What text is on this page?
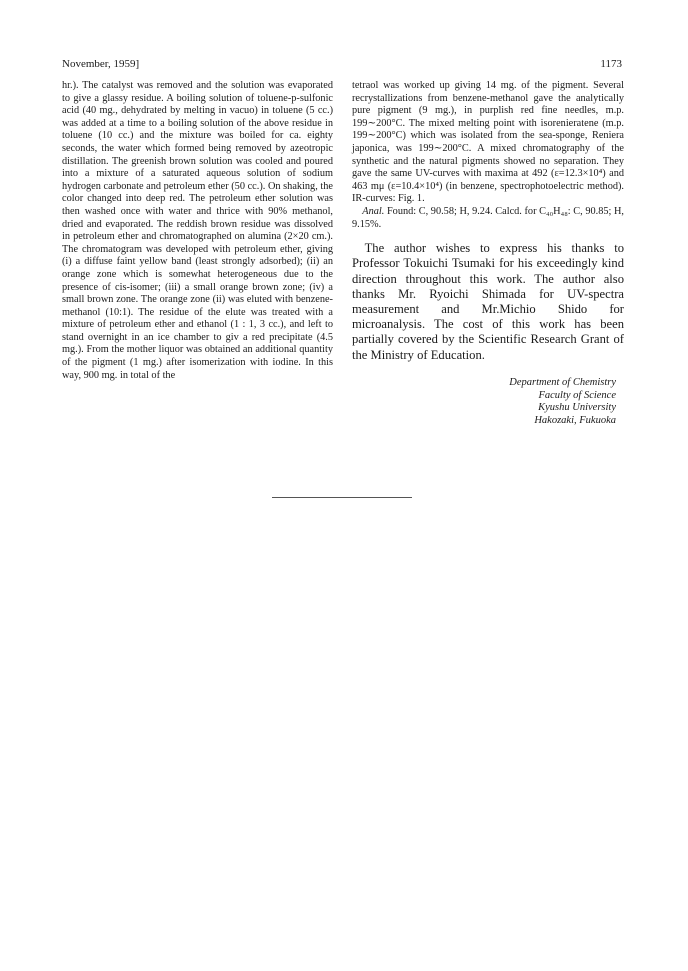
November, 1959]	1173

hr.). The catalyst was removed and the solution was evaporated to give a glassy residue. A boiling solution of toluene-p-sulfonic acid (40 mg., dehydrated by melting in vacuo) in toluene (5 cc.) was added at a time to a boiling solution of the above residue in toluene (10 cc.) and the mixture was boiled for ca. eighty seconds, the water which formed being removed by azeotropic distillation. The greenish brown solution was cooled and poured into a mixture of a saturated aqueous solution of sodium hydrogen carbonate and petroleum ether (50 cc.). On shaking, the color changed into deep red. The petroleum ether solution was then washed once with water and thrice with 90% methanol, dried and evaporated. The reddish brown residue was dissolved in petroleum ether and chromatographed on alumina (2×20 cm.). The chromatogram was developed with petroleum ether, giving (i) a diffuse faint yellow band (least strongly adsorbed); (ii) an orange zone which is somewhat heterogeneous due to the presence of cis-isomer; (iii) a small orange brown zone; (iv) a small brown zone. The orange zone (ii) was eluted with benzene-methanol (10:1). The residue of the elute was treated with a mixture of petroleum ether and ethanol (1 : 1, 3 cc.), and left to stand overnight in an ice chamber to giv a red precipitate (4.5 mg.). From the mother liquor was obtained an additional quantity of the pigment (1 mg.) after isomerization with iodine. In this way, 900 mg. in total of the

tetraol was worked up giving 14 mg. of the pigment. Several recrystallizations from benzene-methanol gave the analytically pure pigment (9 mg.), in purplish red fine needles, m.p. 199∼200°C. The mixed melting point with isorenieratene (m.p. 199∼200°C) which was isolated from the sea-sponge, Reniera japonica, was 199∼200°C. A mixed chromatography of the synthetic and the natural pigments showed no separation. They gave the same UV-curves with maxima at 492 (ε=12.3×10⁴) and 463 mμ (ε=10.4×10⁴) (in benzene, spectrophotoelectric method). IR-curves: Fig. 1.

Anal. Found: C, 90.58; H, 9.24. Calcd. for C₄₀H₄₈: C, 90.85; H, 9.15%.

The author wishes to express his thanks to Professor Tokuichi Tsumaki for his exceedingly kind direction throughout this work. The author also thanks Mr. Ryoichi Shimada for UV-spectra measurement and Mr.Michio Shido for microanalysis. The cost of this work has been partially covered by the Scientific Research Grant of the Ministry of Education.

Department of Chemistry
Faculty of Science
Kyushu University
Hakozaki, Fukuoka
